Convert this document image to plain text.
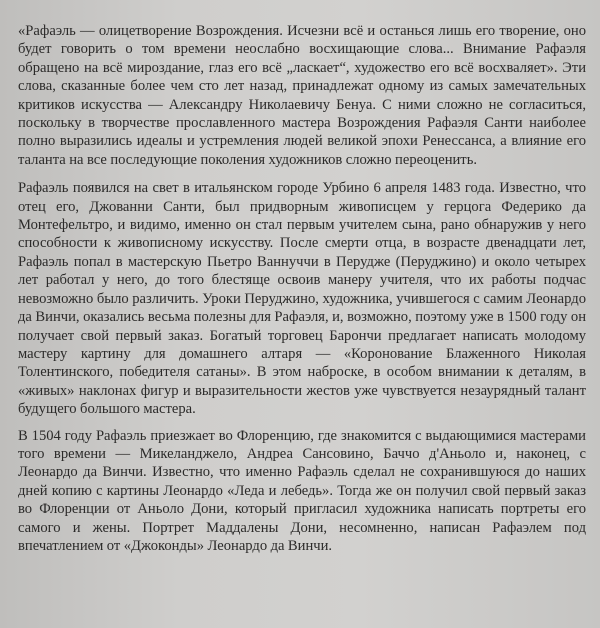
«Рафаэль — олицетворение Возрождения. Исчезни всё и останься лишь его творение, оно будет говорить о том времени неослабно восхищающие слова... Внимание Рафаэля обращено на всё мироздание, глаз его всё „ласкает“, художество его всё восхваляет». Эти слова, сказанные более чем сто лет назад, принадлежат одному из самых замечательных критиков искусства — Александру Николаевичу Бенуа. С ними сложно не согласиться, поскольку в творчестве прославленного мастера Возрождения Рафаэля Санти наиболее полно выразились идеалы и устремления людей великой эпохи Ренессанса, а влияние его таланта на все последующие поколения художников сложно переоценить.

Рафаэль появился на свет в итальянском городе Урбино 6 апреля 1483 года. Известно, что отец его, Джованни Санти, был придворным живописцем у герцога Федерико да Монтефельтро, и видимо, именно он стал первым учителем сына, рано обнаружив у него способности к живописному искусству. После смерти отца, в возрасте двенадцати лет, Рафаэль попал в мастерскую Пьетро Ваннуччи в Перудже (Перуджино) и около четырех лет работал у него, до того блестяще освоив манеру учителя, что их работы подчас невозможно было различить. Уроки Перуджино, художника, учившегося с самим Леонардо да Винчи, оказались весьма полезны для Рафаэля, и, возможно, поэтому уже в 1500 году он получает свой первый заказ. Богатый торговец Барончи предлагает написать молодому мастеру картину для домашнего алтаря — «Коронование Блаженного Николая Толентинского, победителя сатаны». В этом наброске, в особом внимании к деталям, в «живых» наклонах фигур и выразительности жестов уже чувствуется незаурядный талант будущего большого мастера.

В 1504 году Рафаэль приезжает во Флоренцию, где знакомится с выдающимися мастерами того времени — Микеланджело, Андреа Сансовино, Баччо д'Аньоло и, наконец, с Леонардо да Винчи. Известно, что именно Рафаэль сделал не сохранившуюся до наших дней копию с картины Леонардо «Леда и лебедь». Тогда же он получил свой первый заказ во Флоренции от Аньоло Дони, который пригласил художника написать портреты его самого и жены. Портрет Маддалены Дони, несомненно, написан Рафаэлем под впечатлением от «Джоконды» Леонардо да Винчи.
